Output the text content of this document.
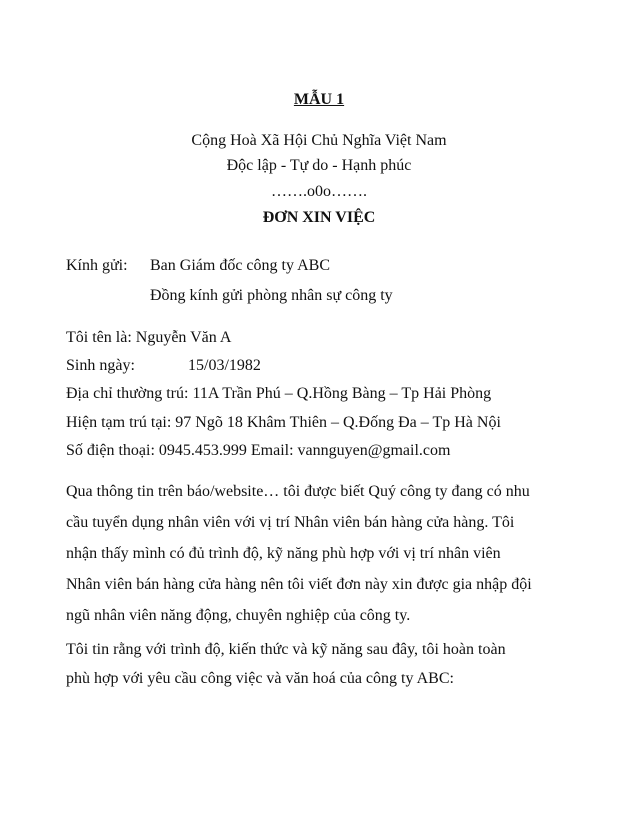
MẪU 1
Cộng Hoà Xã Hội Chủ Nghĩa Việt Nam
Độc lập - Tự do - Hạnh phúc
…….o0o…….
ĐƠN XIN VIỆC
Kính gửi: Ban Giám đốc công ty ABC
Đồng kính gửi phòng nhân sự công ty
Tôi tên là: Nguyễn Văn A
Sinh ngày:	15/03/1982
Địa chỉ thường trú: 11A Trần Phú – Q.Hồng Bàng – Tp Hải Phòng
Hiện tạm trú tại: 97 Ngõ 18 Khâm Thiên – Q.Đống Đa – Tp Hà Nội
Số điện thoại: 0945.453.999 Email: vannguyen@gmail.com
Qua thông tin trên báo/website… tôi được biết Quý công ty đang có nhu
cầu tuyển dụng nhân viên với vị trí Nhân viên bán hàng cửa hàng. Tôi
nhận thấy mình có đủ trình độ, kỹ năng phù hợp với vị trí nhân viên
Nhân viên bán hàng cửa hàng nên tôi viết đơn này xin được gia nhập đội
ngũ nhân viên năng động, chuyên nghiệp của công ty.
Tôi tin rằng với trình độ, kiến thức và kỹ năng sau đây, tôi hoàn toàn
phù hợp với yêu cầu công việc và văn hoá của công ty ABC:
